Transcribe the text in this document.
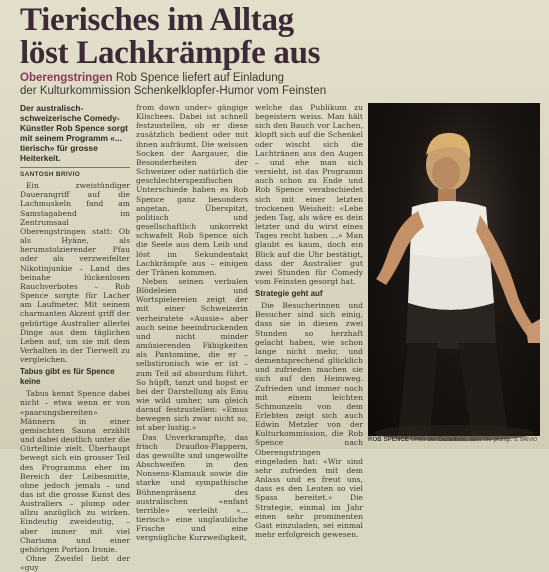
Tierisches im Alltag
löst Lachkrämpfe aus
Oberengstringen Rob Spence liefert auf Einladung
der Kulturkommission Schenkelklopfer-Humor vom Feinsten
Der australisch-schweizerische Comedy-Künstler Rob Spence sorgt mit seinem Programm «... tierisch» für grosse Heiterkeit.
SANTOSH BRIVIO

Ein zweistündiger Dauerangriff auf die Lachmuskeln fand am Samstagabend im Zentrumsaal Oberengstringen statt: Ob als Hyäne, als herumstolzierender Pfau oder als verzweifelter Nikotinjunkie – Land des beinahe lückenlosen Rauchverbotes – Rob Spence sorgte für Lacher am Laufmeter. Mit seinem charmanten Akzent griff der gebürtige Australier allerlei Dinge aus dem täglichen Leben auf, um sie mit dem Verhalten in der Tierwelt zu vergleichen.

Tabus gibt es für Spence keine

Tabus kennt Spence dabei nicht – etwa wenn er von «paarungsbereiten» Männern in einer gemischten Sauna erzählt und dabei deutlich unter die Gürtellinie zielt. Überhaupt bewegt sich ein grosser Teil des Programms eher im Bereich der Leibesmitte, ohne jedoch jemals – und das ist die grosse Kunst des Australiers – plump oder allzu anzüglich zu wirken. Eindeutig zweideutig, – aber immer mit viel Charisma und einer gehörigen Portion Ironie.

Ohne Zweifel liebt der «guy

from down under» gängige Klischees. Dabei ist schnell festzustellen, ob er diese zusätzlich bedient oder mit ihnen aufräumt. Die weissen Socken der Aargauer, die Besonderheiten der Schweizer oder natürlich die geschlechterspezifischen Unterschiede haben es Rob Spence ganz besonders angetan. Überspitzt, politisch und gesellschaftlich unkorrekt schwafelt Rob Spence sich die Seele aus dem Leib und löst im Sekundentakt Lachkrämpfe aus – einigen der Tränen kommen.

Neben seinen verbalen Blödeleien und Wortspielereien zeigt der mit einer Schweizerin verheiratete «Aussie» aber auch seine beeindruckenden und nicht minder amüsierenden Fähigkeiten als Pantomime, die er – selbstironisch wie er ist – zum Teil ad absurdum führt. So hüpft, tanzt und hopst er bei der Darstellung als Emu wie wild umher, um gleich darauf festzustellen: «Emus bewegen sich zwar nicht so, ist aber lustig.»

Das Unverkrampfte, das frisch Drauflos-Plappern, das gewollte und ungewollte Abschweifen in den Nonsens-Klamauk sowie die starke und sympathische Bühnenpräsenz des australischen «enfant terrible» verleiht «... tierisch» eine unglaubliche Frische und eine vergnügliche Kurzweiligkeit,

welche das Publikum zu begeistern weiss. Man hält sich den Bauch vor Lachen, klopft sich auf die Schenkel oder wischt sich die Lachtränen aus den Augen – und ehe man sich versieht, ist das Programm auch schon zu Ende und Rob Spence verabschiedet sich mit einer letzten trockenen Weisheit: «Lebe jeden Tag, als wäre es dein letzter und du wirst eines Tages recht haben ...» Man glaubt es kaum, doch ein Blick auf die Uhr bestätigt, dass der Australier gut zwei Stunden für Comedy vom Feinsten gesorgt hat.

Strategie geht auf

Die Besucherinnen und Besucher sind sich einig, dass sie in diesen zwei Stunden so herzhaft gelacht haben, wie schon lange nicht mehr, und dementsprechend glücklich und zufrieden machen sie sich auf den Heimweg. Zufrieden und immer noch mit einem leichten Schmunzeln von dem Erlebten zeigt sich auch Edwin Metzler von der Kulturkommission, die Rob Spence nach Oberengstringen eingeladen hat: «Wir sind sehr zufrieden mit dem Anlass und es freut uns, dass es den Leuten so viel Spass bereitet.» Die Strategie, einmal im Jahr einen sehr prominenten Gast einzuladen, sei einmal mehr erfolgreich gewesen.

ROB SPENCE Unter der Gürtellinie, aber nie plump. S. BRIVIO
